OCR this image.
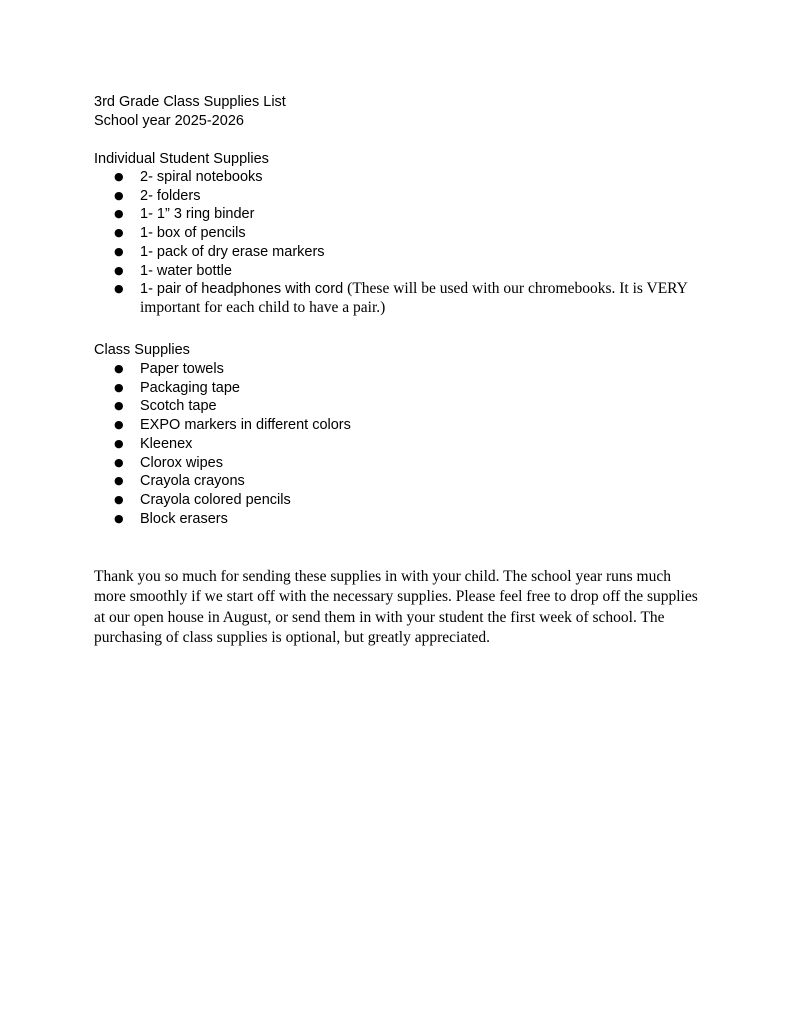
3rd Grade Class Supplies List
School year 2025-2026

Individual Student Supplies

● 2- spiral notebooks
● 2- folders
● 1- 1” 3 ring binder
● 1- box of pencils
● 1- pack of dry erase markers
● 1- water bottle
● 1- pair of headphones with cord (These will be used with our chromebooks. It is VERY important for each child to have a pair.)

Class Supplies

● Paper towels
● Packaging tape
● Scotch tape
● EXPO markers in different colors
● Kleenex
● Clorox wipes
● Crayola crayons
● Crayola colored pencils
● Block erasers

Thank you so much for sending these supplies in with your child. The school year runs much more smoothly if we start off with the necessary supplies. Please feel free to drop off the supplies at our open house in August, or send them in with your student the first week of school. The purchasing of class supplies is optional, but greatly appreciated.
